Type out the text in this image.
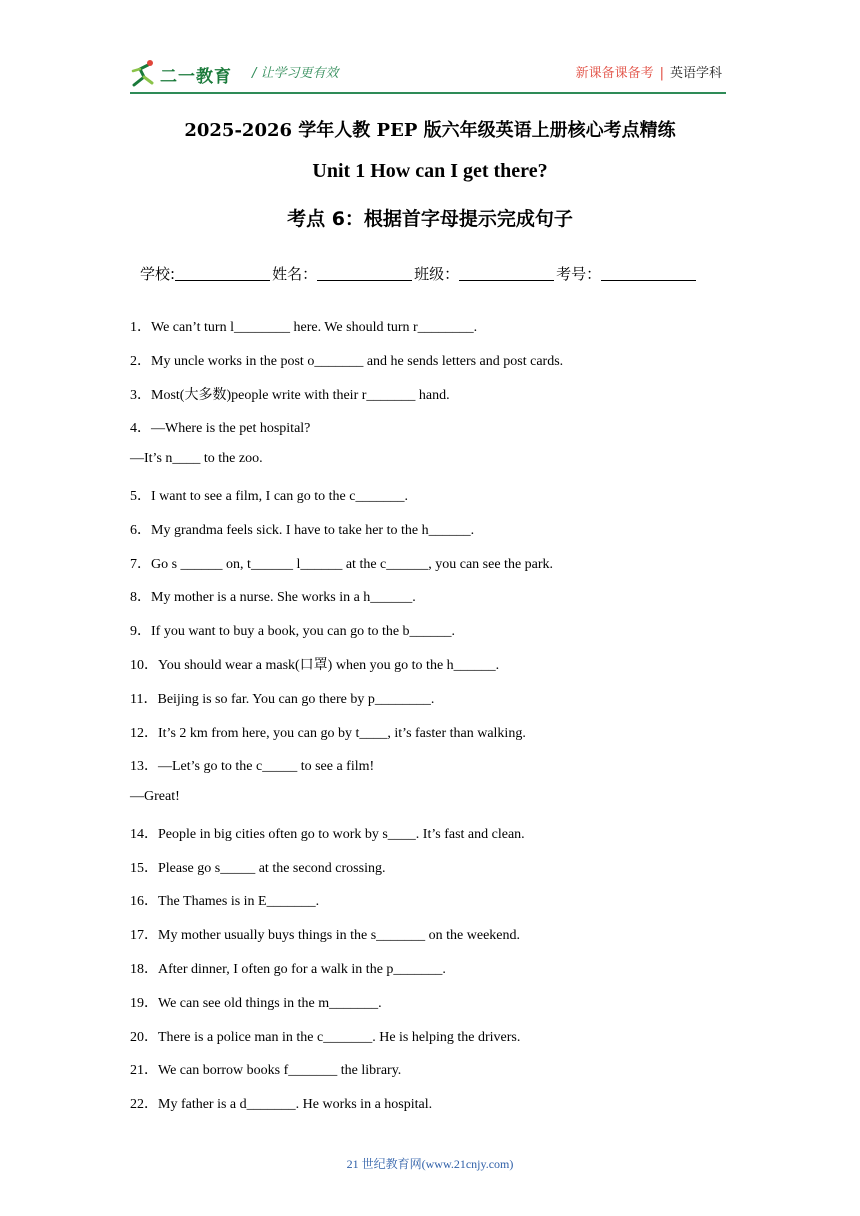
二一教育 / 让学习更有效	新课备课备考 | 英语学科
2025-2026 学年人教 PEP 版六年级英语上册核心考点精练
Unit 1 How can I get there?
考点 6：根据首字母提示完成句子
学校:	姓名：	班级：	考号：
1．We can’t turn l________ here. We should turn r________.
2．My uncle works in the post o_______ and he sends letters and post cards.
3．Most(大多数)people write with their r_______ hand.
4．—Where is the pet hospital?
—It’s n____ to the zoo.
5．I want to see a film, I can go to the c_______.
6．My grandma feels sick. I have to take her to the h______.
7．Go s ______ on, t______ l______ at the c______, you can see the park.
8．My mother is a nurse. She works in a h______.
9．If you want to buy a book, you can go to the b______.
10．You should wear a mask(口罩) when you go to the h______.
11．Beijing is so far. You can go there by p________.
12．It’s 2 km from here, you can go by t____, it’s faster than walking.
13．—Let’s go to the c_____ to see a film!
—Great!
14．People in big cities often go to work by s____. It’s fast and clean.
15．Please go s_____ at the second crossing.
16．The Thames is in E_______.
17．My mother usually buys things in the s_______ on the weekend.
18．After dinner, I often go for a walk in the p_______.
19．We can see old things in the m_______.
20．There is a police man in the c_______. He is helping the drivers.
21．We can borrow books f_______ the library.
22．My father is a d_______. He works in a hospital.
21 世纪教育网(www.21cnjy.com)
